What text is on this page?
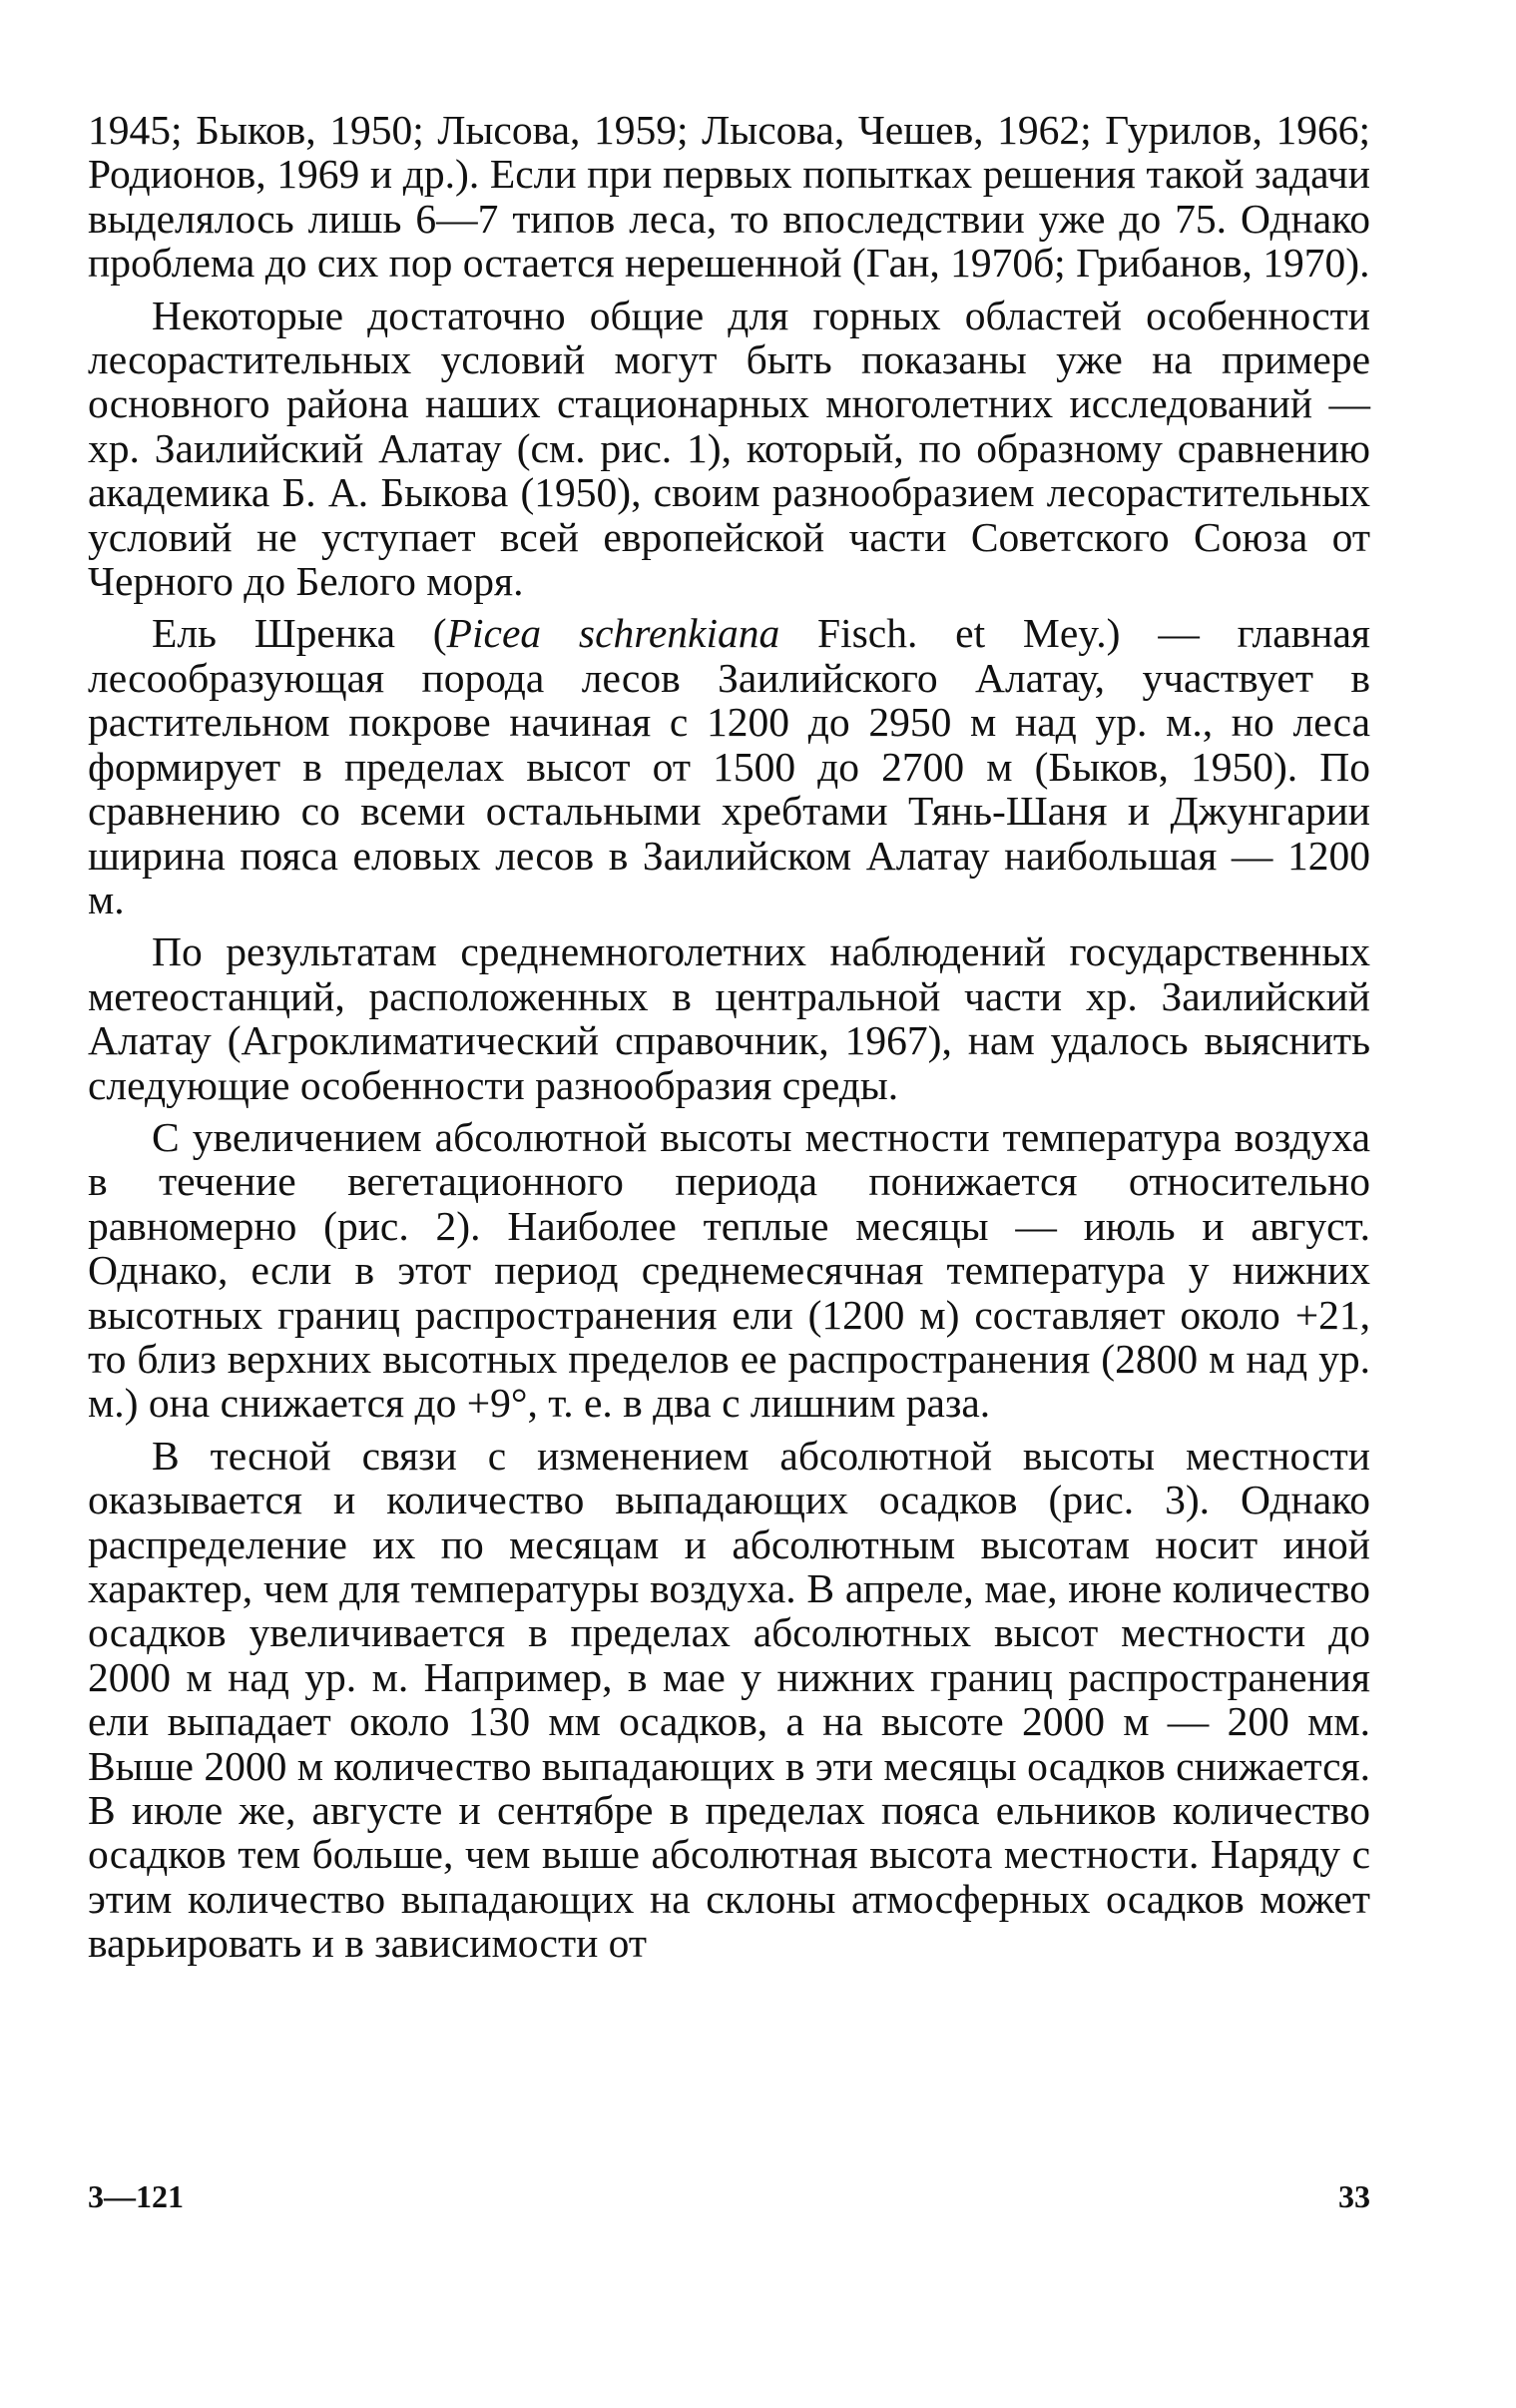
1945; Быков, 1950; Лысова, 1959; Лысова, Чешев, 1962; Гурилов, 1966; Родионов, 1969 и др.). Если при первых попытках решения такой задачи выделялось лишь 6—7 типов леса, то впоследствии уже до 75. Однако проблема до сих пор остается нерешенной (Ган, 1970б; Грибанов, 1970).

Некоторые достаточно общие для горных областей особенности лесорастительных условий могут быть показаны уже на примере основного района наших стационарных многолетних исследований — хр. Заилийский Алатау (см. рис. 1), который, по образному сравнению академика Б. А. Быкова (1950), своим разнообразием лесорастительных условий не уступает всей европейской части Советского Союза от Черного до Белого моря.

Ель Шренка (Picea schrenkiana Fisch. et Mey.) — главная лесообразующая порода лесов Заилийского Алатау, участвует в растительном покрове начиная с 1200 до 2950 м над ур. м., но леса формирует в пределах высот от 1500 до 2700 м (Быков, 1950). По сравнению со всеми остальными хребтами Тянь-Шаня и Джунгарии ширина пояса еловых лесов в Заилийском Алатау наибольшая — 1200 м.

По результатам среднемноголетних наблюдений государственных метеостанций, расположенных в центральной части хр. Заилийский Алатау (Агроклиматический справочник, 1967), нам удалось выяснить следующие особенности разнообразия среды.

С увеличением абсолютной высоты местности температура воздуха в течение вегетационного периода понижается относительно равномерно (рис. 2). Наиболее теплые месяцы — июль и август. Однако, если в этот период среднемесячная температура у нижних высотных границ распространения ели (1200 м) составляет около +21, то близ верхних высотных пределов ее распространения (2800 м над ур. м.) она снижается до +9°, т. е. в два с лишним раза.

В тесной связи с изменением абсолютной высоты местности оказывается и количество выпадающих осадков (рис. 3). Однако распределение их по месяцам и абсолютным высотам носит иной характер, чем для температуры воздуха. В апреле, мае, июне количество осадков увеличивается в пределах абсолютных высот местности до 2000 м над ур. м. Например, в мае у нижних границ распространения ели выпадает около 130 мм осадков, а на высоте 2000 м — 200 мм. Выше 2000 м количество выпадающих в эти месяцы осадков снижается. В июле же, августе и сентябре в пределах пояса ельников количество осадков тем больше, чем выше абсолютная высота местности. Наряду с этим количество выпадающих на склоны атмосферных осадков может варьировать и в зависимости от

3—121	33
